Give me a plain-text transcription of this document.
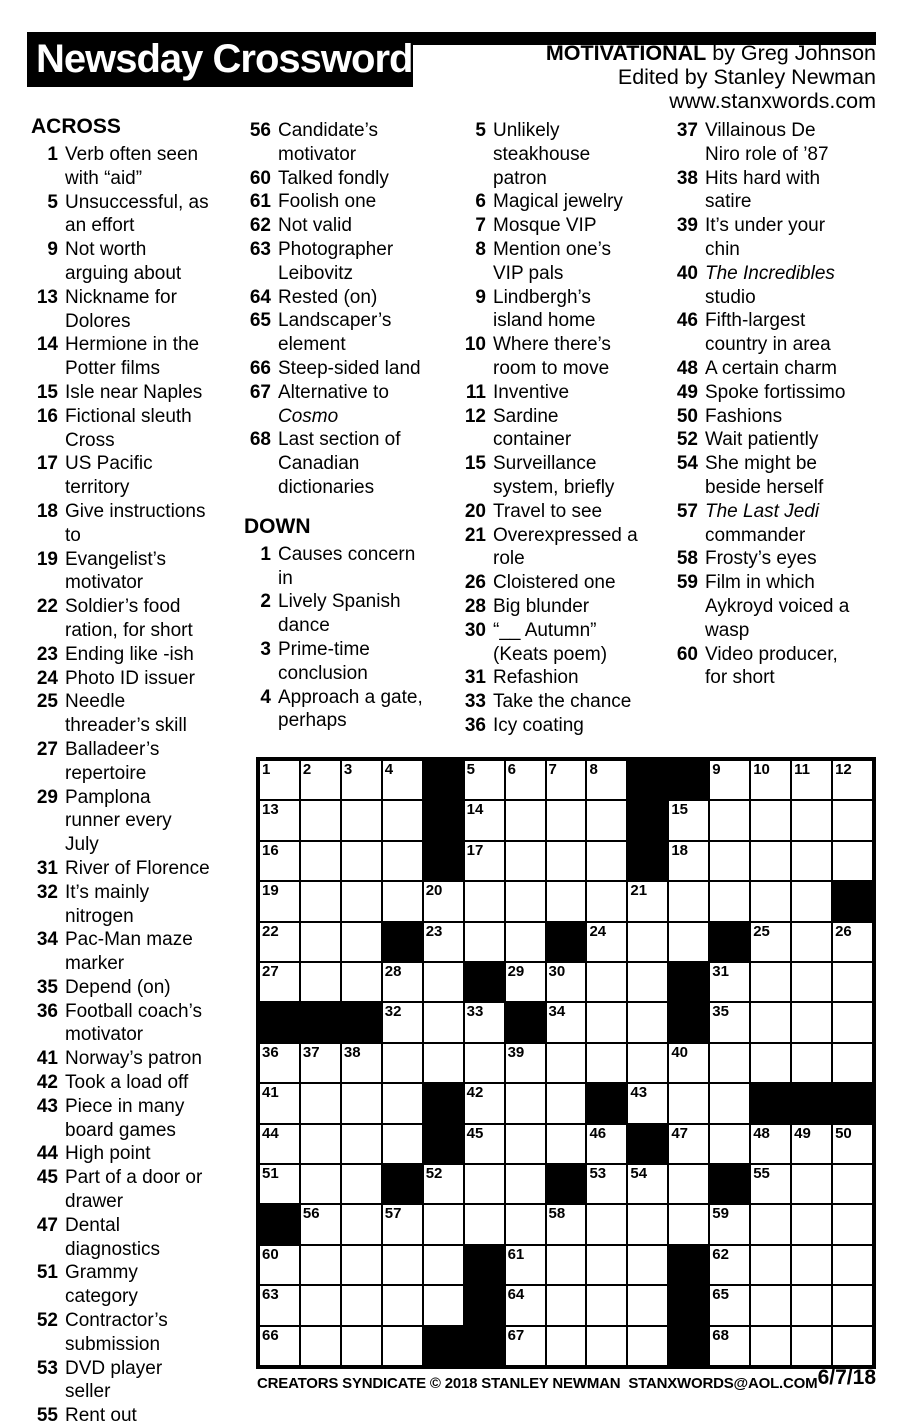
Newsday Crossword	MOTIVATIONAL by Greg Johnson
Edited by Stanley Newman
www.stanxwords.com
ACROSS
1 Verb often seen with “aid”
5 Unsuccessful, as an effort
9 Not worth arguing about
13 Nickname for Dolores
14 Hermione in the Potter films
15 Isle near Naples
16 Fictional sleuth Cross
17 US Pacific territory
18 Give instructions to
19 Evangelist’s motivator
22 Soldier’s food ration, for short
23 Ending like -ish
24 Photo ID issuer
25 Needle threader’s skill
27 Balladeer’s repertoire
29 Pamplona runner every July
31 River of Florence
32 It’s mainly nitrogen
34 Pac-Man maze marker
35 Depend (on)
36 Football coach’s motivator
41 Norway’s patron
42 Took a load off
43 Piece in many board games
44 High point
45 Part of a door or drawer
47 Dental diagnostics
51 Grammy category
52 Contractor’s submission
53 DVD player seller
55 Rent out
56 Candidate’s motivator
60 Talked fondly
61 Foolish one
62 Not valid
63 Photographer Leibovitz
64 Rested (on)
65 Landscaper’s element
66 Steep-sided land
67 Alternative to Cosmo
68 Last section of Canadian dictionaries
DOWN
1 Causes concern in
2 Lively Spanish dance
3 Prime-time conclusion
4 Approach a gate, perhaps
5 Unlikely steakhouse patron
6 Magical jewelry
7 Mosque VIP
8 Mention one’s VIP pals
9 Lindbergh’s island home
10 Where there’s room to move
11 Inventive
12 Sardine container
15 Surveillance system, briefly
20 Travel to see
21 Overexpressed a role
26 Cloistered one
28 Big blunder
30 “__ Autumn” (Keats poem)
31 Refashion
33 Take the chance
36 Icy coating
37 Villainous De Niro role of ’87
38 Hits hard with satire
39 It’s under your chin
40 The Incredibles studio
46 Fifth-largest country in area
48 A certain charm
49 Spoke fortissimo
50 Fashions
52 Wait patiently
54 She might be beside herself
57 The Last Jedi commander
58 Frosty’s eyes
59 Film in which Aykroyd voiced a wasp
60 Video producer, for short
1 2 3 4	5 6 7 8	9 10 11 12
13	14	15
16	17	18
19	20	21
22	23	24	25	26
27	28	29 30	31
32	33	34	35
36 37 38	39	40
41	42	43
44	45	46	47	48 49 50
51	52	53 54	55
56	57	58	59
60	61	62
63	64	65
66	67	68
CREATORS SYNDICATE © 2018 STANLEY NEWMAN  STANXWORDS@AOL.COM 6/7/18
